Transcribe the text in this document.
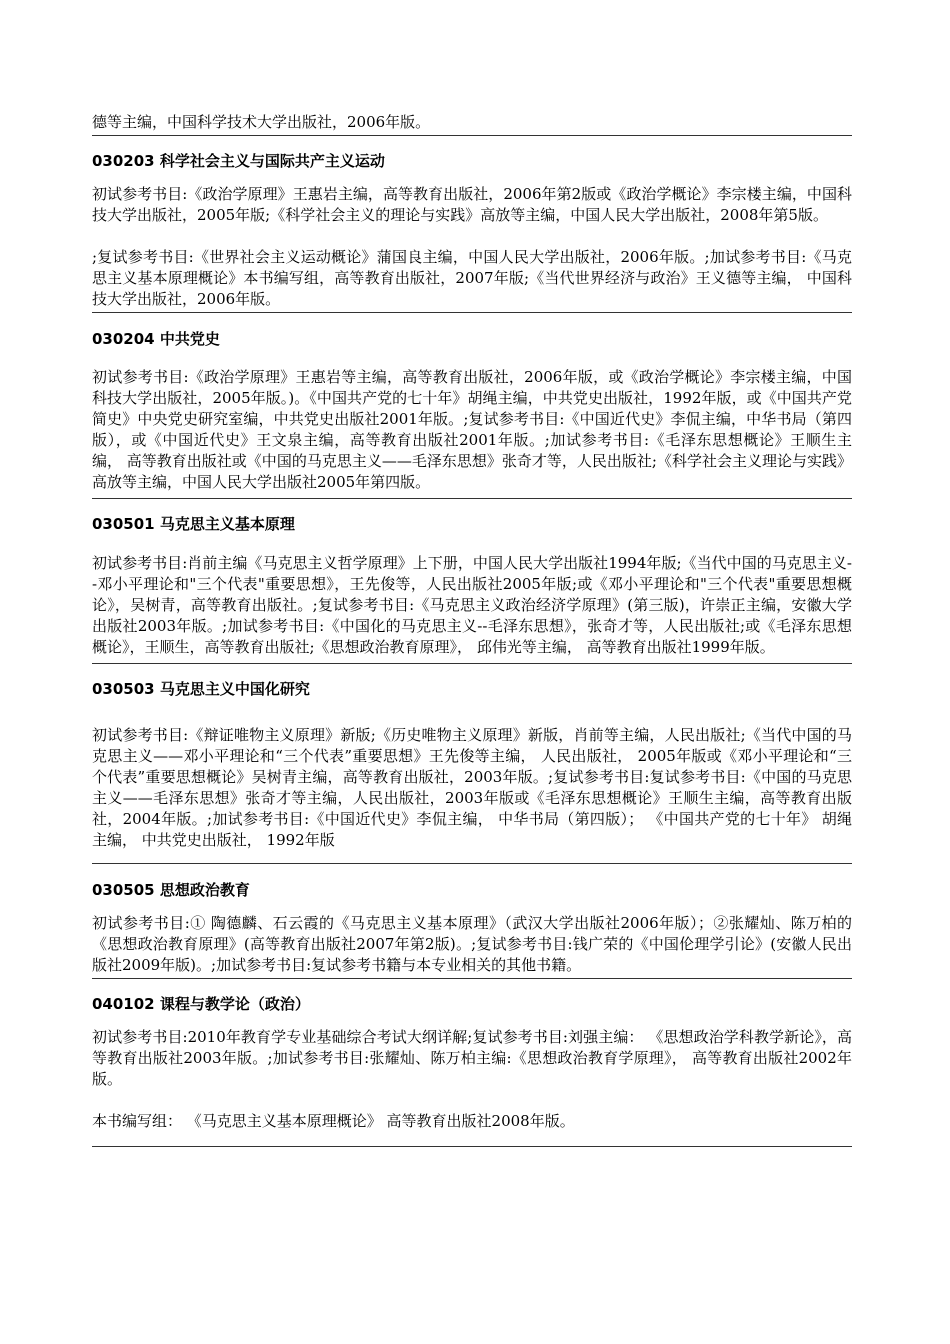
德等主编，中国科学技术大学出版社，2006年版。

030203 科学社会主义与国际共产主义运动

初试参考书目:《政治学原理》王惠岩主编，高等教育出版社，2006年第2版或《政治学概论》李宗楼主编，中国科技大学出版社，2005年版;《科学社会主义的理论与实践》高放等主编，中国人民大学出版社，2008年第5版。

;复试参考书目:《世界社会主义运动概论》蒲国良主编，中国人民大学出版社，2006年版。;加试参考书目:《马克思主义基本原理概论》本书编写组，高等教育出版社，2007年版;《当代世界经济与政治》王义德等主编， 中国科技大学出版社，2006年版。

030204 中共党史

初试参考书目:《政治学原理》王惠岩等主编，高等教育出版社，2006年版，或《政治学概论》李宗楼主编，中国科技大学出版社，2005年版。)。《中国共产党的七十年》胡绳主编，中共党史出版社，1992年版，或《中国共产党简史》中央党史研究室编，中共党史出版社2001年版。;复试参考书目:《中国近代史》李侃主编，中华书局（第四版），或《中国近代史》王文泉主编，高等教育出版社2001年版。;加试参考书目:《毛泽东思想概论》王顺生主编， 高等教育出版社或《中国的马克思主义——毛泽东思想》张奇才等，人民出版社;《科学社会主义理论与实践》高放等主编，中国人民大学出版社2005年第四版。

030501 马克思主义基本原理

初试参考书目:肖前主编《马克思主义哲学原理》上下册，中国人民大学出版社1994年版;《当代中国的马克思主义--邓小平理论和"三个代表"重要思想》，王先俊等，人民出版社2005年版;或《邓小平理论和"三个代表"重要思想概论》，吴树青，高等教育出版社。;复试参考书目:《马克思主义政治经济学原理》(第三版)，许崇正主编，安徽大学出版社2003年版。;加试参考书目:《中国化的马克思主义--毛泽东思想》，张奇才等，人民出版社;或《毛泽东思想概论》，王顺生，高等教育出版社;《思想政治教育原理》， 邱伟光等主编， 高等教育出版社1999年版。

030503 马克思主义中国化研究

初试参考书目:《辩证唯物主义原理》新版;《历史唯物主义原理》新版，肖前等主编，人民出版社;《当代中国的马克思主义——邓小平理论和“三个代表”重要思想》王先俊等主编， 人民出版社， 2005年版或《邓小平理论和“三个代表”重要思想概论》吴树青主编，高等教育出版社，2003年版。;复试参考书目:复试参考书目:《中国的马克思主义——毛泽东思想》张奇才等主编，人民出版社，2003年版或《毛泽东思想概论》王顺生主编，高等教育出版社，2004年版。;加试参考书目:《中国近代史》李侃主编， 中华书局（第四版）； 《中国共产党的七十年》 胡绳主编， 中共党史出版社， 1992年版

030505 思想政治教育

初试参考书目:① 陶德麟、石云霞的《马克思主义基本原理》（武汉大学出版社2006年版）；②张耀灿、陈万柏的《思想政治教育原理》(高等教育出版社2007年第2版)。;复试参考书目:钱广荣的《中国伦理学引论》(安徽人民出版社2009年版)。;加试参考书目:复试参考书籍与本专业相关的其他书籍。

040102 课程与教学论（政治）

初试参考书目:2010年教育学专业基础综合考试大纲详解;复试参考书目:刘强主编： 《思想政治学科教学新论》，高等教育出版社2003年版。;加试参考书目:张耀灿、陈万柏主编:《思想政治教育学原理》， 高等教育出版社2002年版。

本书编写组： 《马克思主义基本原理概论》 高等教育出版社2008年版。
